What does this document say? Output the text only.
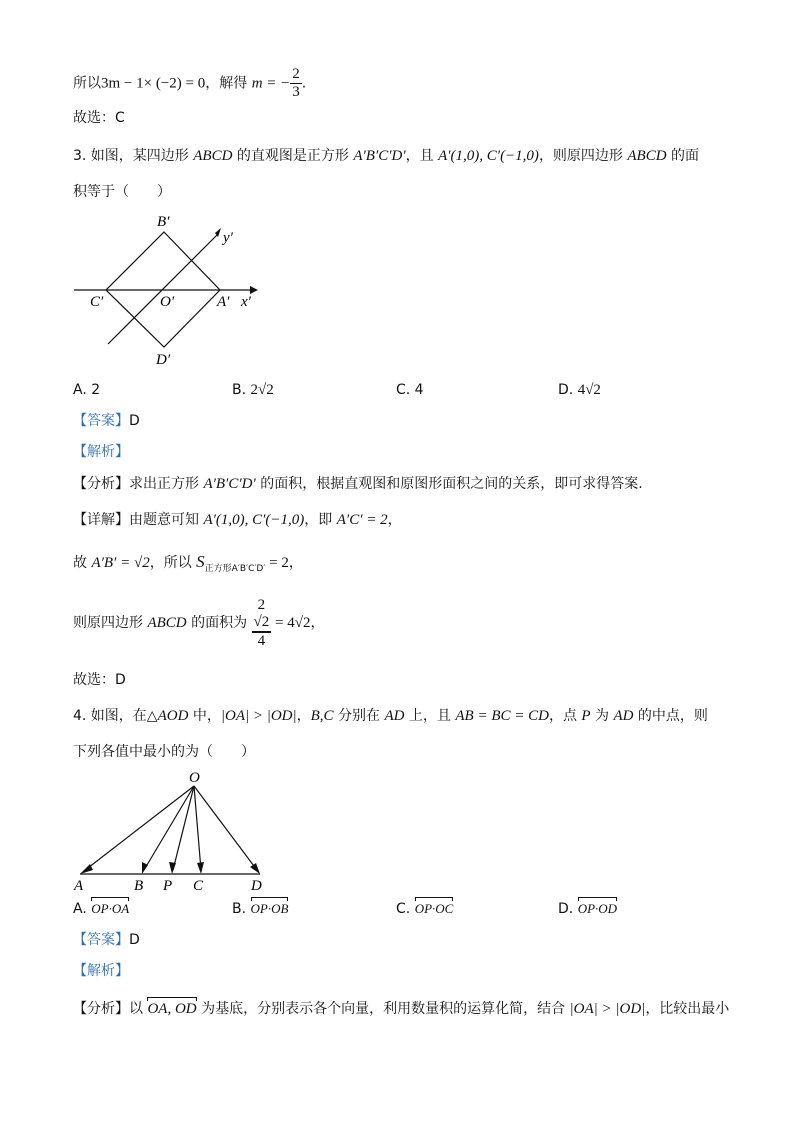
所以3m − 1× (−2) = 0，解得 m = − $\frac{2}{3}$ .
故选：C
3. 如图，某四边形 ABCD 的直观图是正方形 A′B′C′D′，且 A′(1,0), C′(−1,0)，则原四边形 ABCD 的面
积等于（　　）
B′
y′
C′	O′	A′ x′
D′
A. 2	B. 2√2	C. 4	D. 4√2
【答案】D
【解析】
【分析】求出正方形 A′B′C′D′ 的面积，根据直观图和原图形面积之间的关系，即可求得答案.
【详解】由题意可知 A′(1,0), C′(−1,0)，即 A′C′ = 2，
故 A′B′ = √2，所以 $S_{正方形A'B'C'D'} = 2$，
则原四边形 ABCD 的面积为
2
√2
4
= 4√2，
故选：D
4. 如图，在△AOD 中，|OA| > |OD|，B,C 分别在 AD 上，且 AB = BC = CD，点 P 为 AD 的中点，则
下列各值中最小的为（　　）
O
A	B P C	D
A. OP·OA	B. OP·OB	C. OP·OC	D. OP·OD
【答案】D
【解析】
【分析】以 OA, OD 为基底，分别表示各个向量，利用数量积的运算化简，结合 |OA| > |OD|，比较出最小
